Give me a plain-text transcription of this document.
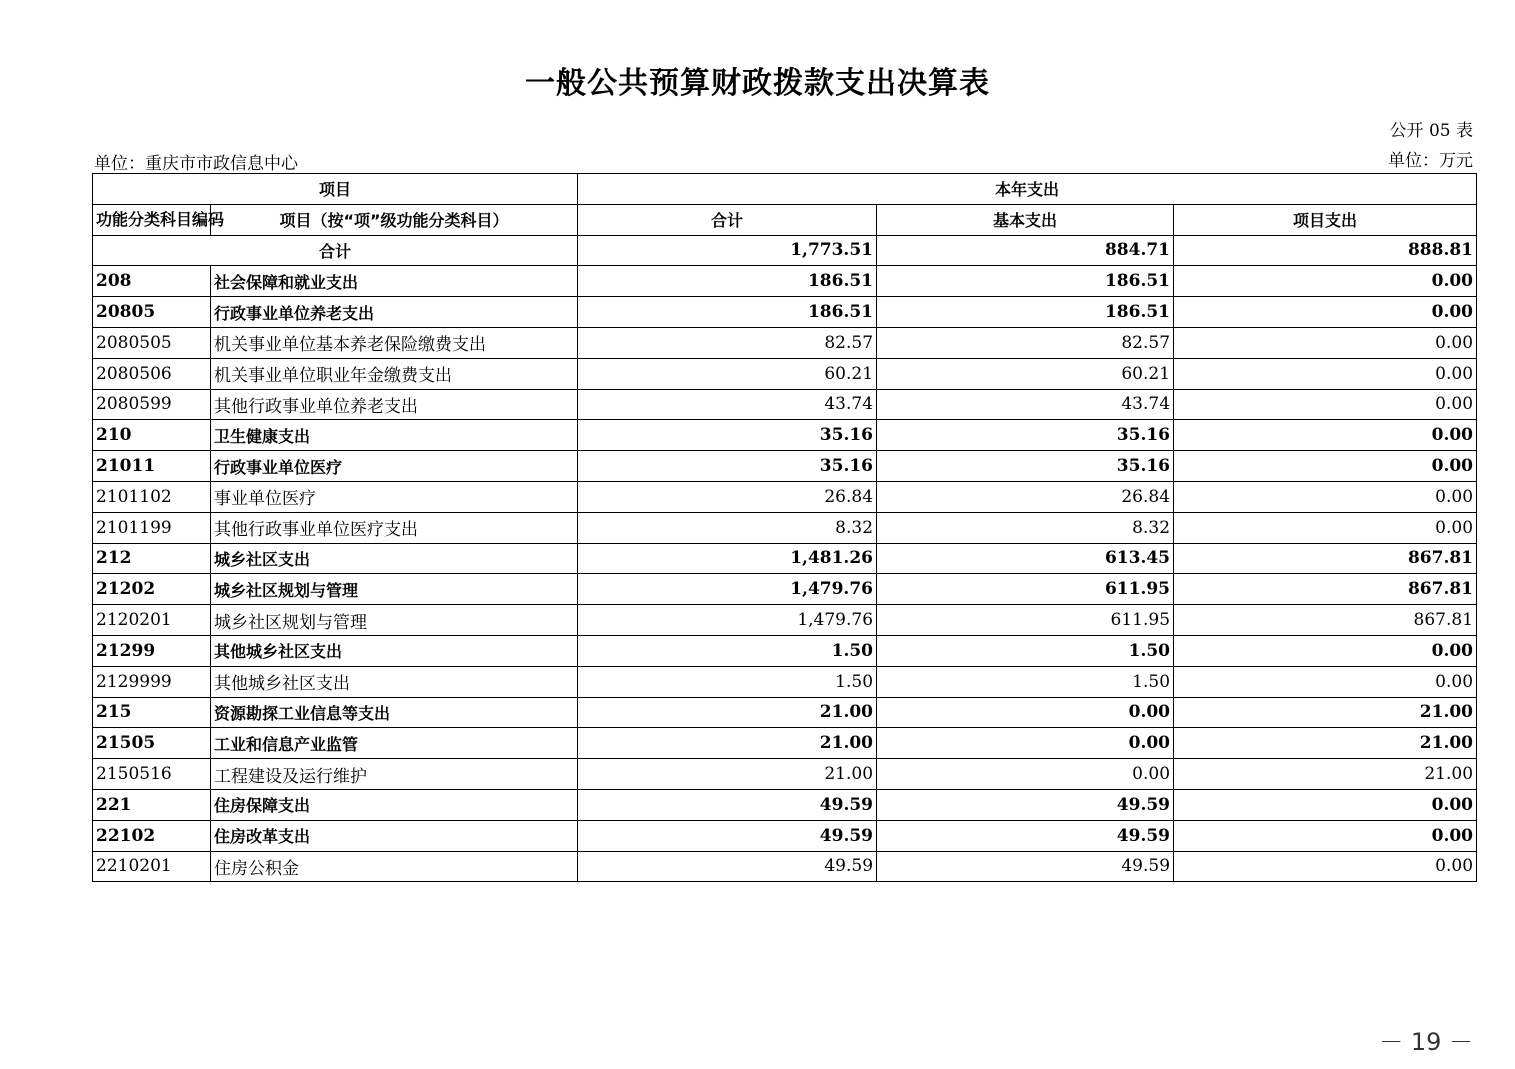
一般公共预算财政拨款支出决算表
公开 05 表
单位：重庆市市政信息中心	单位：万元
项目		本年支出		
功能分类科目编码	项目（按“项”级功能分类科目）	合计	基本支出	项目支出
合计		1,773.51	884.71	888.81
208	社会保障和就业支出	186.51	186.51	0.00
20805	行政事业单位养老支出	186.51	186.51	0.00
2080505	机关事业单位基本养老保险缴费支出	82.57	82.57	0.00
2080506	机关事业单位职业年金缴费支出	60.21	60.21	0.00
2080599	其他行政事业单位养老支出	43.74	43.74	0.00
210	卫生健康支出	35.16	35.16	0.00
21011	行政事业单位医疗	35.16	35.16	0.00
2101102	事业单位医疗	26.84	26.84	0.00
2101199	其他行政事业单位医疗支出	8.32	8.32	0.00
212	城乡社区支出	1,481.26	613.45	867.81
21202	城乡社区规划与管理	1,479.76	611.95	867.81
2120201	城乡社区规划与管理	1,479.76	611.95	867.81
21299	其他城乡社区支出	1.50	1.50	0.00
2129999	其他城乡社区支出	1.50	1.50	0.00
215	资源勘探工业信息等支出	21.00	0.00	21.00
21505	工业和信息产业监管	21.00	0.00	21.00
2150516	工程建设及运行维护	21.00	0.00	21.00
221	住房保障支出	49.59	49.59	0.00
22102	住房改革支出	49.59	49.59	0.00
2210201	住房公积金	49.59	49.59	0.00
－ 19 －
